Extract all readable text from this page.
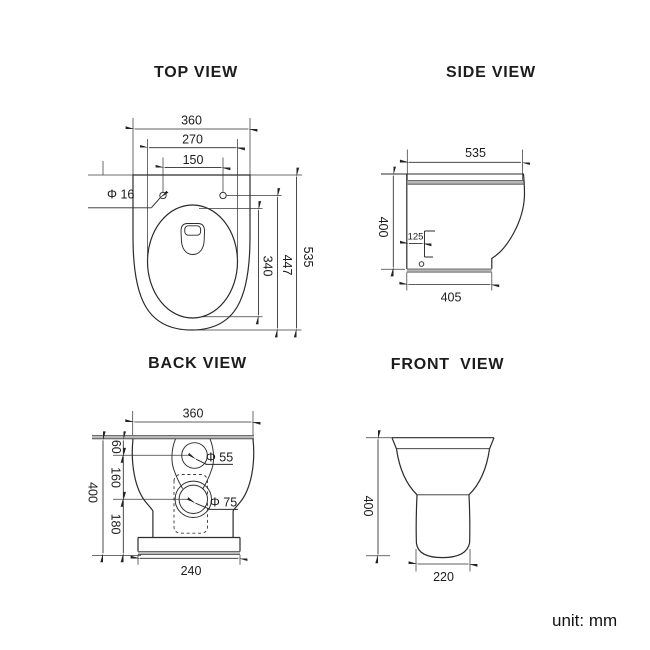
TOP VIEW
360
270
150
Φ 16
340 447 535
SIDE VIEW
535
400 125
405
BACK VIEW
360
400
60
160
180
Φ 55
Φ 75
240
FRONT VIEW
400
220
unit: mm
